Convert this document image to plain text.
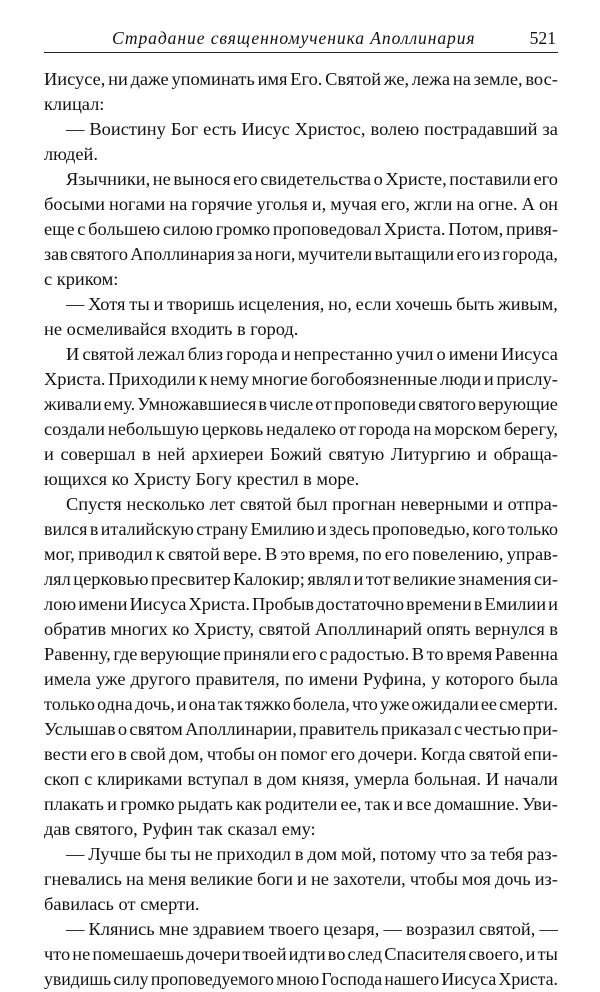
Страдание священномученика Аполлинария	521
Иисусе, ни даже упоминать имя Его. Святой же, лежа на земле, вос-
клицал:
— Воистину Бог есть Иисус Христос, волею пострадавший за
людей.
Язычники, не вынося его свидетельства о Христе, поставили его
босыми ногами на горячие уголья и, мучая его, жгли на огне. А он
еще с большею силою громко проповедовал Христа. Потом, привя-
зав святого Аполлинария за ноги, мучители вытащили его из города,
с криком:
— Хотя ты и творишь исцеления, но, если хочешь быть живым,
не осмеливайся входить в город.
И святой лежал близ города и непрестанно учил о имени Иисуса
Христа. Приходили к нему многие богобоязненные люди и прислу-
живали ему. Умножавшиеся в числе от проповеди святого верующие
создали небольшую церковь недалеко от города на морском берегу,
и совершал в ней архиереи Божий святую Литургию и обраща-
ющихся ко Христу Богу крестил в море.
Спустя несколько лет святой был прогнан неверными и отпра-
вился в италийскую страну Емилию и здесь проповедью, кого только
мог, приводил к святой вере. В это время, по его повелению, управ-
лял церковью пресвитер Калокир; являл и тот великие знамения си-
лою имени Иисуса Христа. Пробыв достаточно времени в Емилии и
обратив многих ко Христу, святой Аполлинарий опять вернулся в
Равенну, где верующие приняли его с радостью. В то время Равенна
имела уже другого правителя, по имени Руфина, у которого была
только одна дочь, и она так тяжко болела, что уже ожидали ее смерти.
Услышав о святом Аполлинарии, правитель приказал с честью при-
вести его в свой дом, чтобы он помог его дочери. Когда святой епи-
скоп с клириками вступал в дом князя, умерла больная. И начали
плакать и громко рыдать как родители ее, так и все домашние. Уви-
дав святого, Руфин так сказал ему:
— Лучше бы ты не приходил в дом мой, потому что за тебя раз-
гневались на меня великие боги и не захотели, чтобы моя дочь из-
бавилась от смерти.
— Клянись мне здравием твоего цезаря, — возразил святой, —
что не помешаешь дочери твоей идти во след Спасителя своего, и ты
увидишь силу проповедуемого мною Господа нашего Иисуса Христа.
